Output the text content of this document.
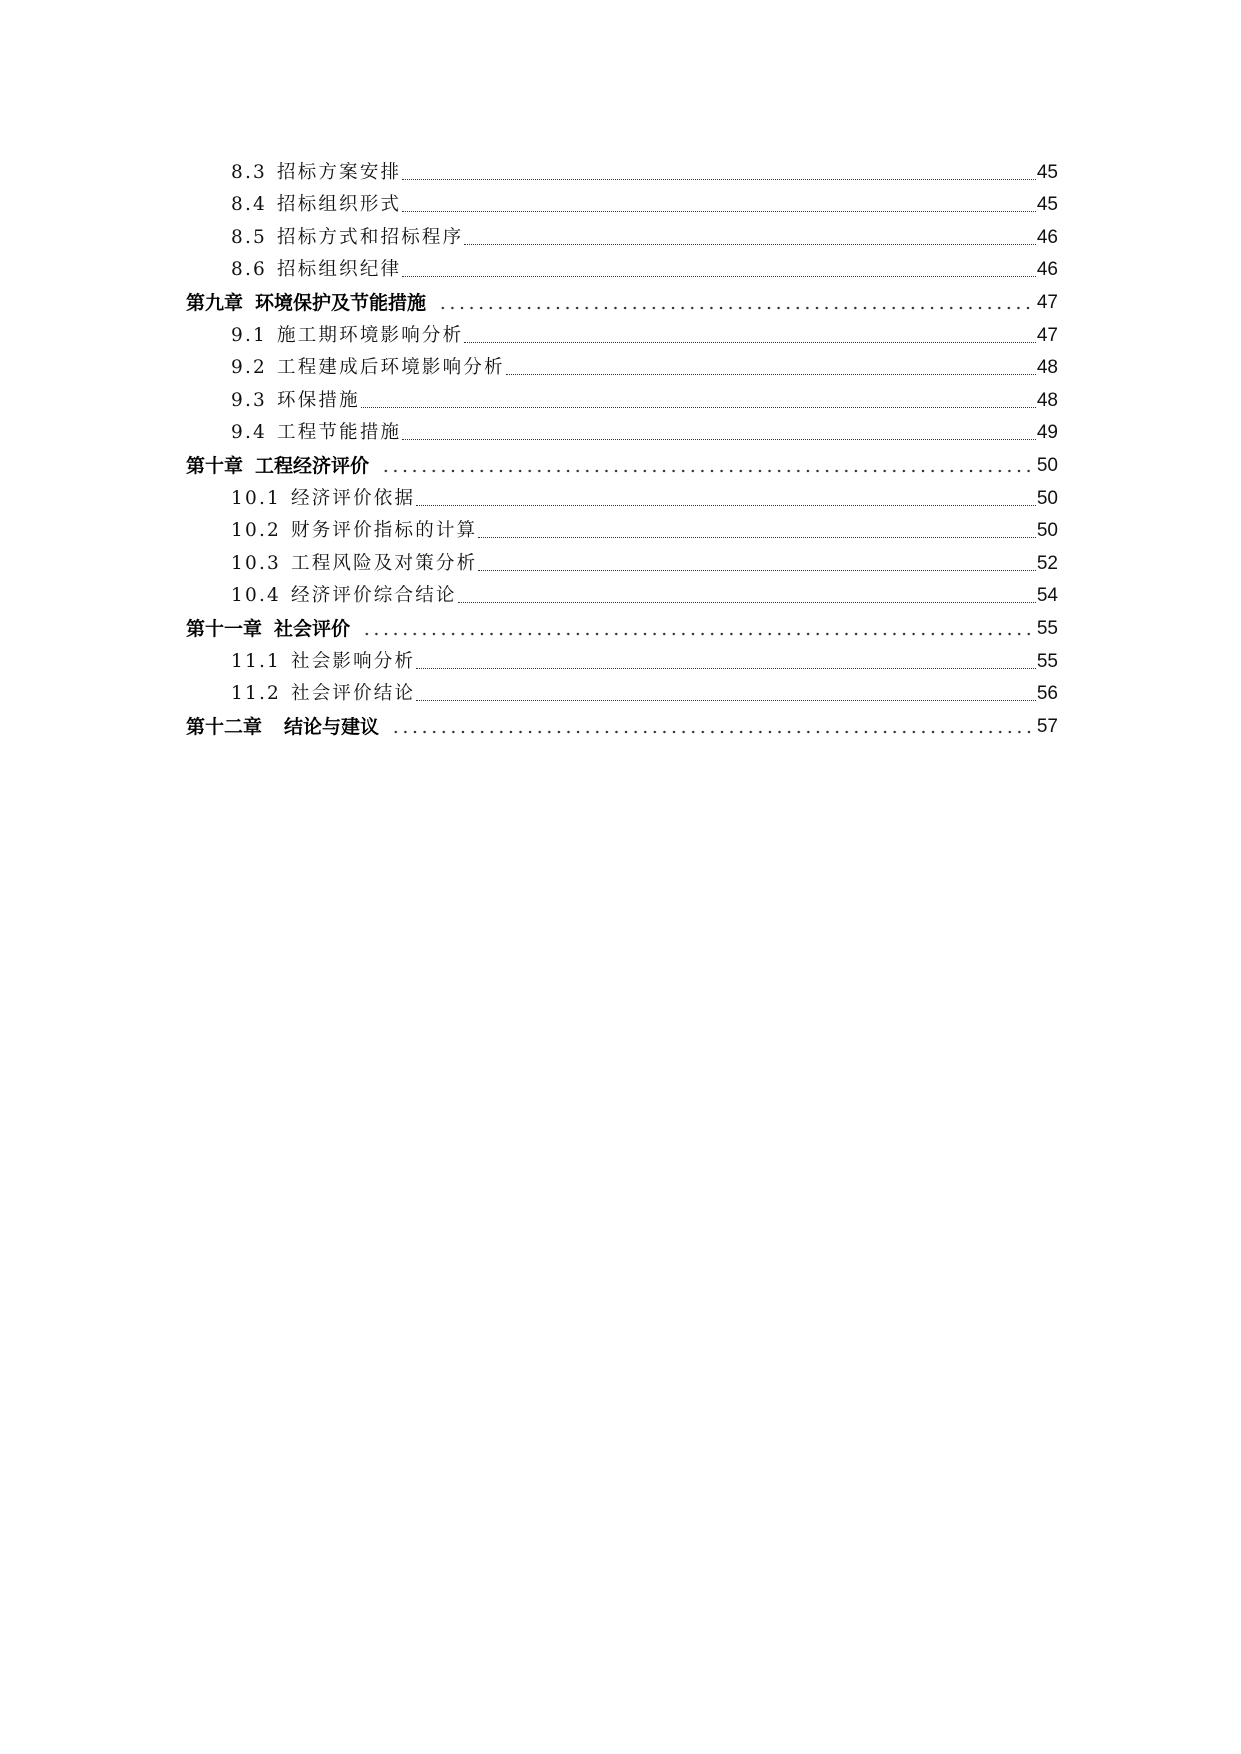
8.3 招标方案安排	45
8.4 招标组织形式	45
8.5 招标方式和招标程序	46
8.6 招标组织纪律	46
第九章 环境保护及节能措施	47
9.1 施工期环境影响分析	47
9.2 工程建成后环境影响分析	48
9.3 环保措施	48
9.4 工程节能措施	49
第十章 工程经济评价	50
10.1 经济评价依据	50
10.2 财务评价指标的计算	50
10.3 工程风险及对策分析	52
10.4 经济评价综合结论	54
第十一章 社会评价	55
11.1 社会影响分析	55
11.2 社会评价结论	56
第十二章 结论与建议	57
